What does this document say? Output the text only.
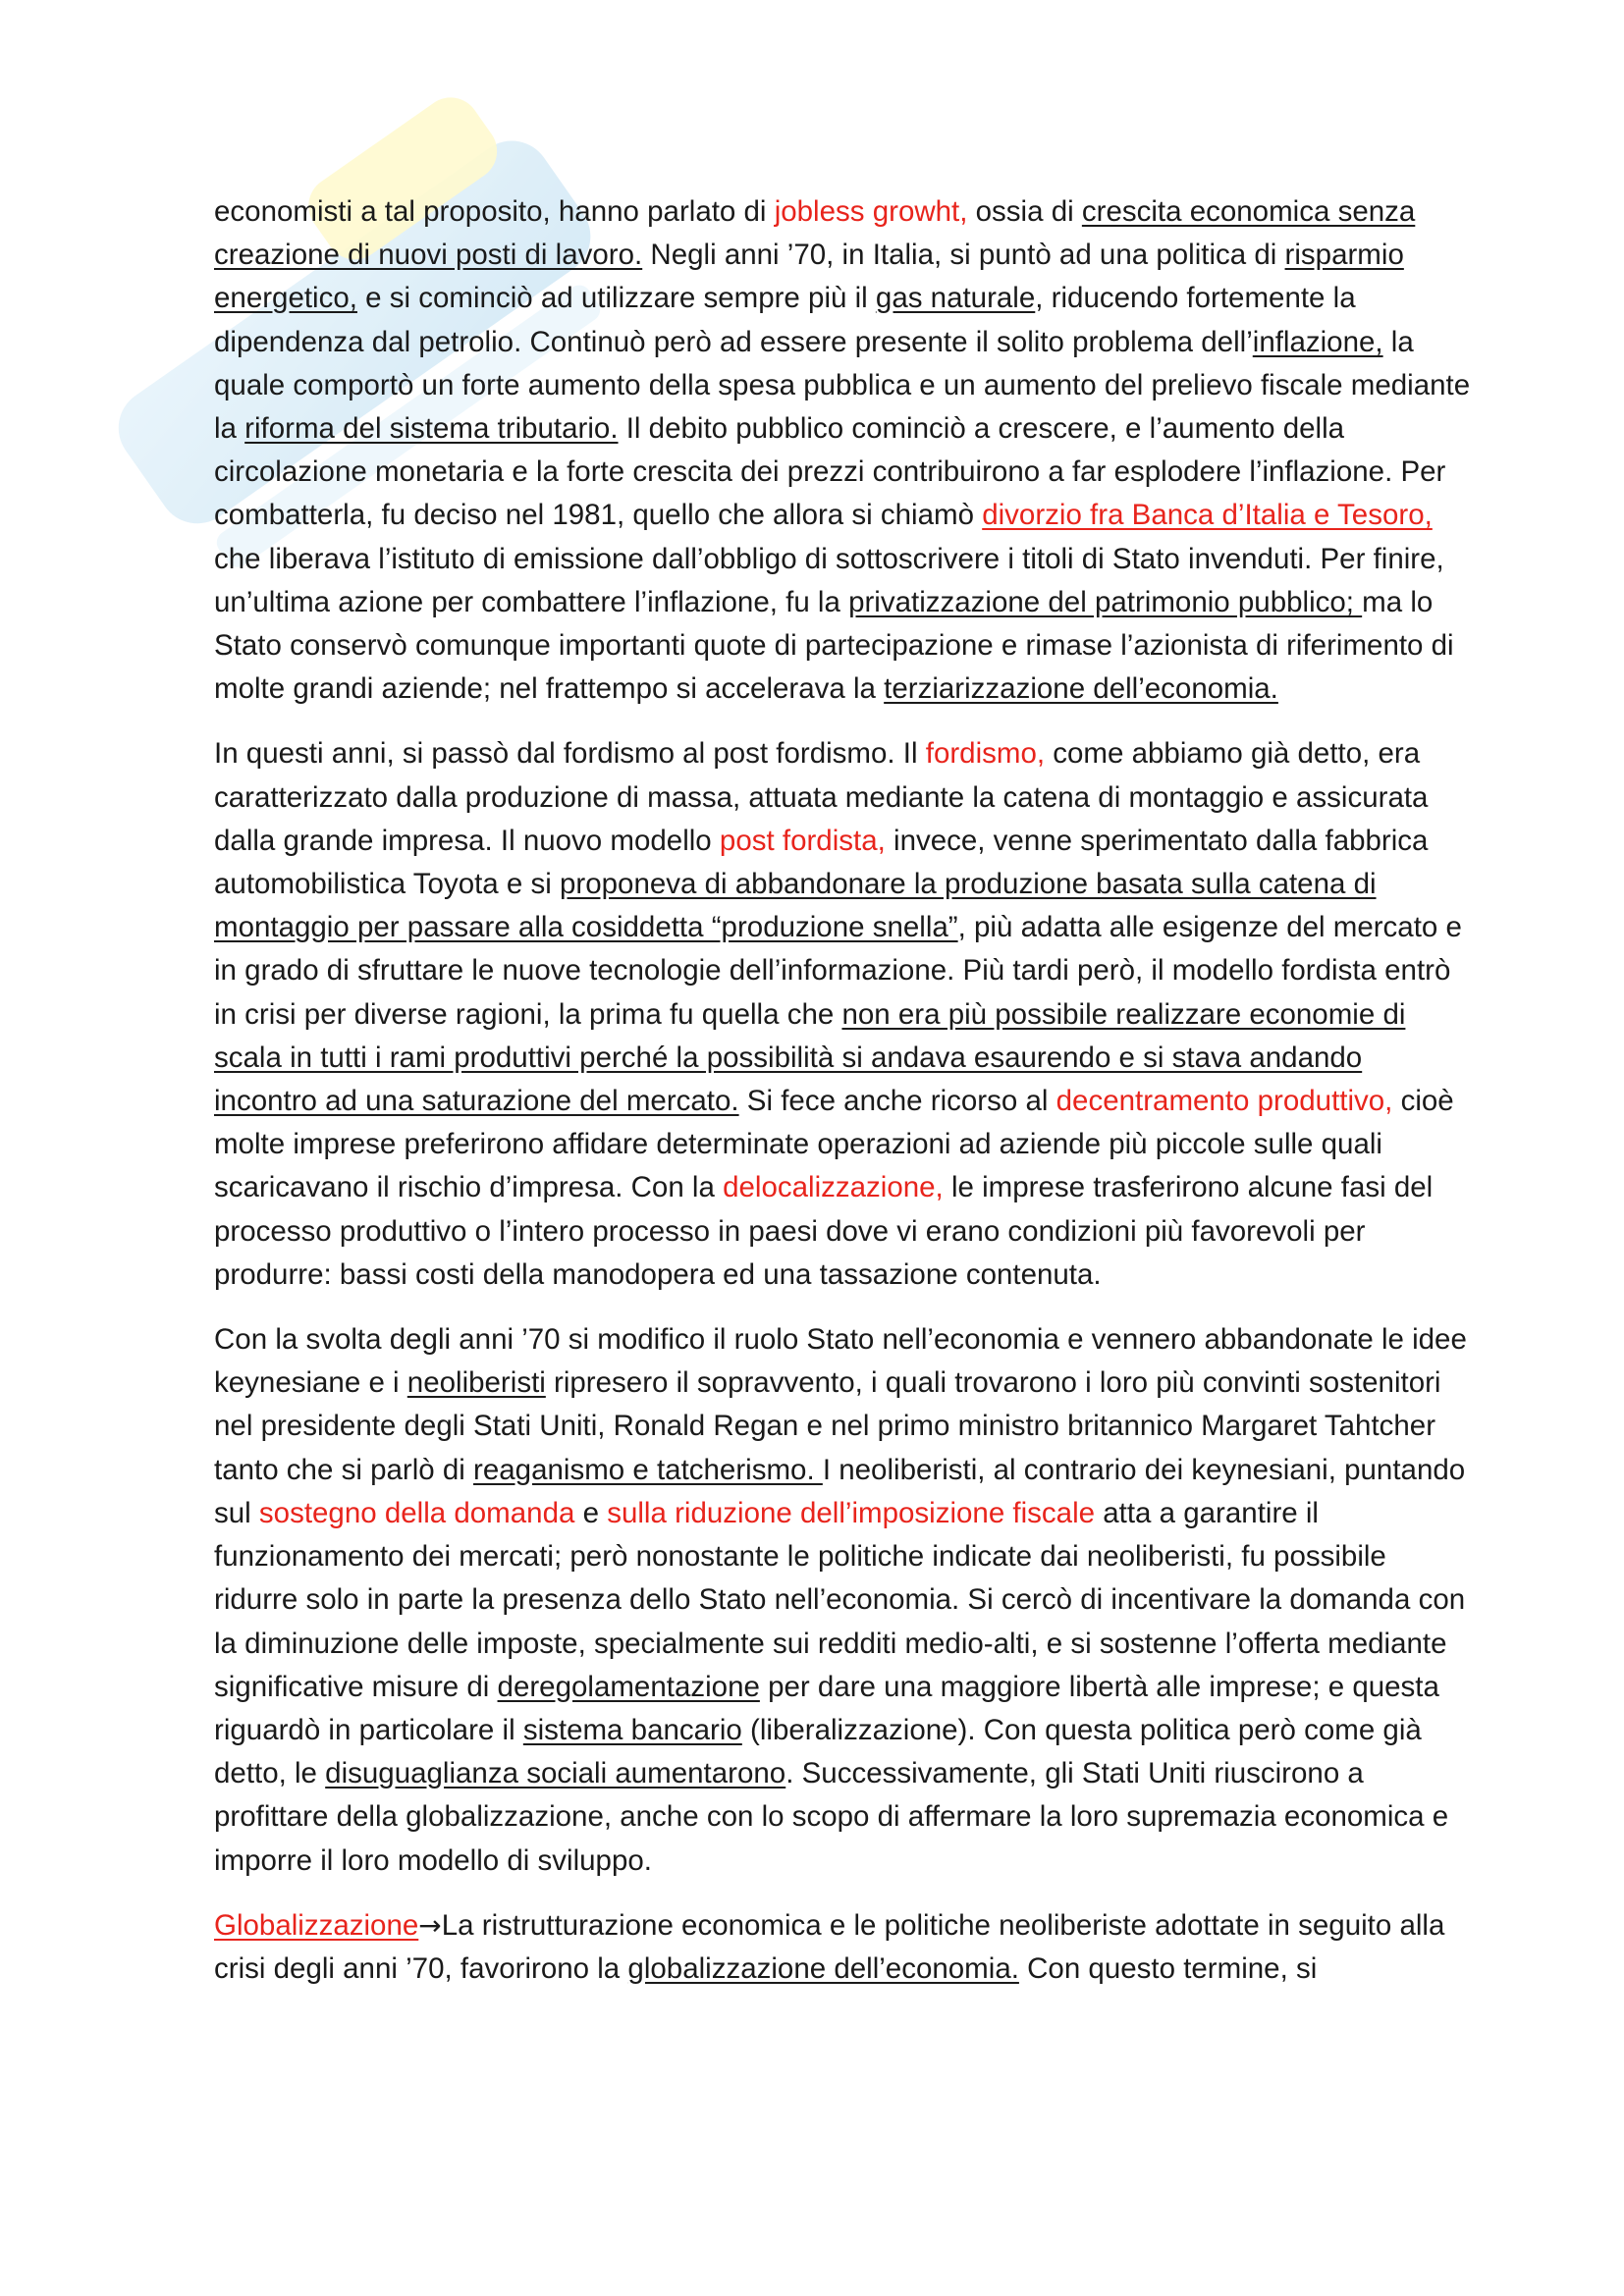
economisti a tal proposito, hanno parlato di jobless growht, ossia di crescita economica senza creazione di nuovi posti di lavoro. Negli anni ’70, in Italia, si puntò ad una politica di risparmio energetico, e si cominciò ad utilizzare sempre più il gas naturale, riducendo fortemente la dipendenza dal petrolio. Continuò però ad essere presente il solito problema dell’inflazione, la quale comportò un forte aumento della spesa pubblica e un aumento del prelievo fiscale mediante la riforma del sistema tributario. Il debito pubblico cominciò a crescere, e l’aumento della circolazione monetaria e la forte crescita dei prezzi contribuirono a far esplodere l’inflazione. Per combatterla, fu deciso nel 1981, quello che allora si chiamò divorzio fra Banca d’Italia e Tesoro, che liberava l’istituto di emissione dall’obbligo di sottoscrivere i titoli di Stato invenduti. Per finire, un’ultima azione per combattere l’inflazione, fu la privatizzazione del patrimonio pubblico; ma lo Stato conservò comunque importanti quote di partecipazione e rimase l’azionista di riferimento di molte grandi aziende; nel frattempo si accelerava la terziarizzazione dell’economia.

In questi anni, si passò dal fordismo al post fordismo. Il fordismo, come abbiamo già detto, era caratterizzato dalla produzione di massa, attuata mediante la catena di montaggio e assicurata dalla grande impresa. Il nuovo modello post fordista, invece, venne sperimentato dalla fabbrica automobilistica Toyota e si proponeva di abbandonare la produzione basata sulla catena di montaggio per passare alla cosiddetta “produzione snella”, più adatta alle esigenze del mercato e in grado di sfruttare le nuove tecnologie dell’informazione. Più tardi però, il modello fordista entrò in crisi per diverse ragioni, la prima fu quella che non era più possibile realizzare economie di scala in tutti i rami produttivi perché la possibilità si andava esaurendo e si stava andando incontro ad una saturazione del mercato. Si fece anche ricorso al decentramento produttivo, cioè molte imprese preferirono affidare determinate operazioni ad aziende più piccole sulle quali scaricavano il rischio d’impresa. Con la delocalizzazione, le imprese trasferirono alcune fasi del processo produttivo o l’intero processo in paesi dove vi erano condizioni più favorevoli per produrre: bassi costi della manodopera ed una tassazione contenuta.

Con la svolta degli anni ’70 si modifico il ruolo Stato nell’economia e vennero abbandonate le idee keynesiane e i neoliberisti ripresero il sopravvento, i quali trovarono i loro più convinti sostenitori nel presidente degli Stati Uniti, Ronald Regan e nel primo ministro britannico Margaret Tahtcher tanto che si parlò di reaganismo e tatcherismo. I neoliberisti, al contrario dei keynesiani, puntando sul sostegno della domanda e sulla riduzione dell’imposizione fiscale atta a garantire il funzionamento dei mercati; però nonostante le politiche indicate dai neoliberisti, fu possibile ridurre solo in parte la presenza dello Stato nell’economia. Si cercò di incentivare la domanda con la diminuzione delle imposte, specialmente sui redditi medio-alti, e si sostenne l’offerta mediante significative misure di deregolamentazione per dare una maggiore libertà alle imprese; e questa riguardò in particolare il sistema bancario (liberalizzazione). Con questa politica però come già detto, le disuguaglianza sociali aumentarono. Successivamente, gli Stati Uniti riuscirono a profittare della globalizzazione, anche con lo scopo di affermare la loro supremazia economica e imporre il loro modello di sviluppo.

Globalizzazione→La ristrutturazione economica e le politiche neoliberiste adottate in seguito alla crisi degli anni ’70, favorirono la globalizzazione dell’economia. Con questo termine, si
